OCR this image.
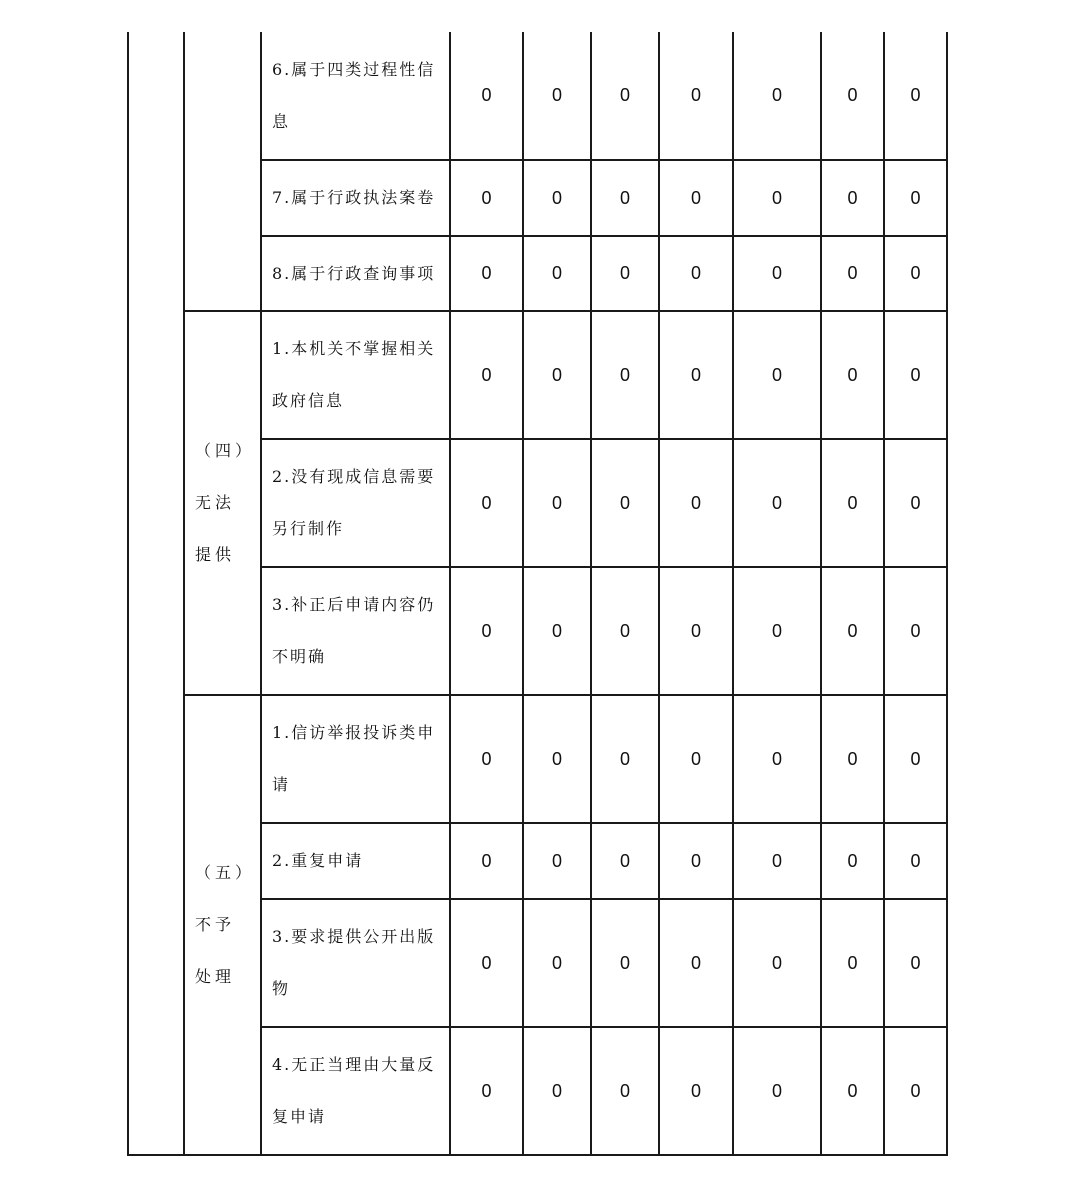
		6.属于四类过程性信息	0	0	0	0	0	0	0

		7.属于行政执法案卷	0	0	0	0	0	0	0

		8.属于行政查询事项	0	0	0	0	0	0	0

	（四）无法提供	1.本机关不掌握相关政府信息	0	0	0	0	0	0	0

		2.没有现成信息需要另行制作	0	0	0	0	0	0	0

		3.补正后申请内容仍不明确	0	0	0	0	0	0	0

	（五）不予处理	1.信访举报投诉类申请	0	0	0	0	0	0	0

		2.重复申请	0	0	0	0	0	0	0

		3.要求提供公开出版物	0	0	0	0	0	0	0

		4.无正当理由大量反复申请	0	0	0	0	0	0	0
